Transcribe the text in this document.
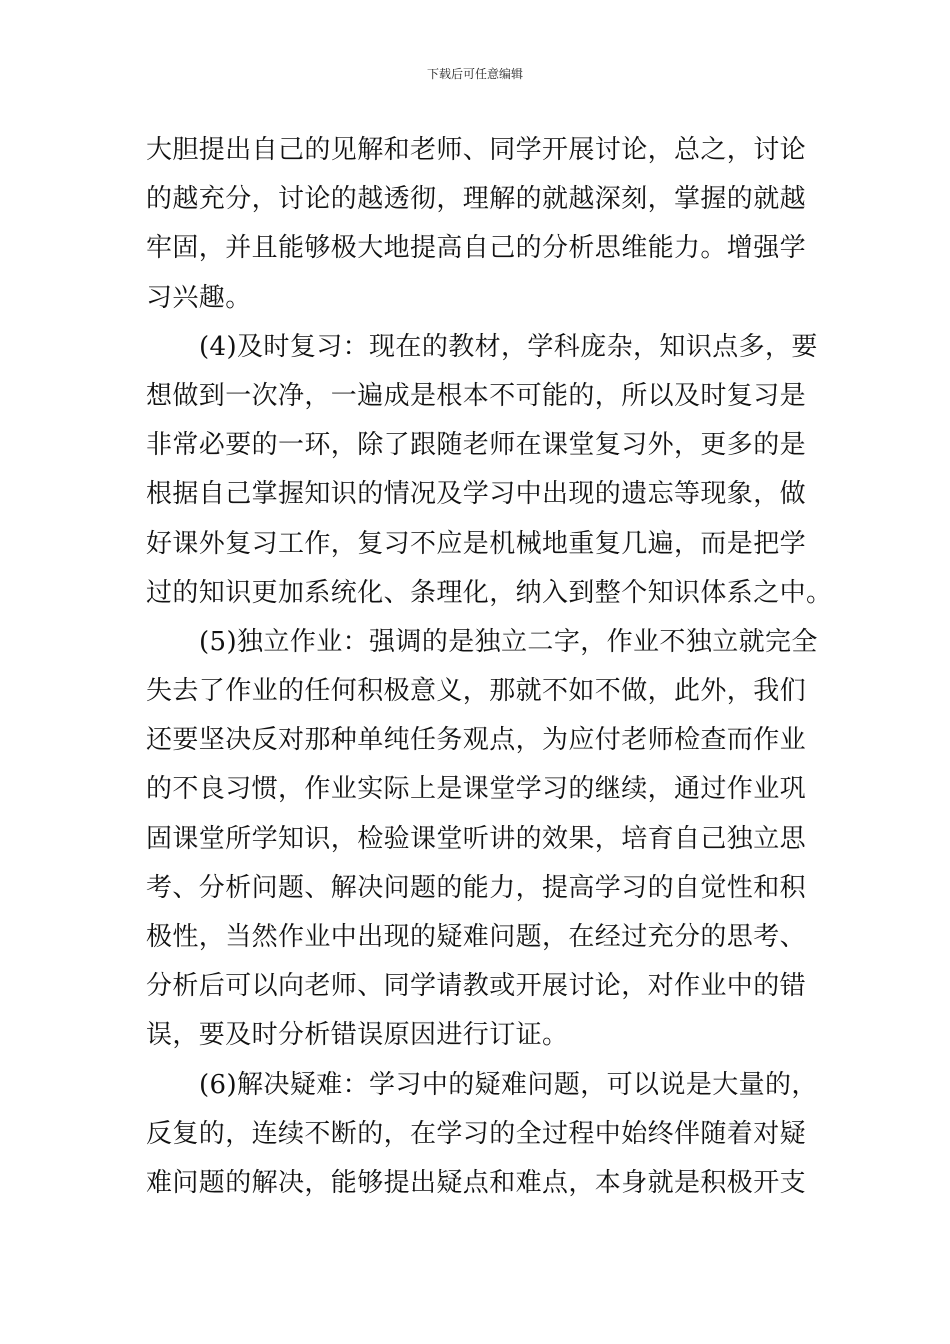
下载后可任意编辑
大胆提出自己的见解和老师、同学开展讨论，总之，讨论
的越充分，讨论的越透彻，理解的就越深刻，掌握的就越
牢固，并且能够极大地提高自己的分析思维能力。增强学
习兴趣。
(4)及时复习：现在的教材，学科庞杂，知识点多，要
想做到一次净，一遍成是根本不可能的，所以及时复习是
非常必要的一环，除了跟随老师在课堂复习外，更多的是
根据自己掌握知识的情况及学习中出现的遗忘等现象，做
好课外复习工作，复习不应是机械地重复几遍，而是把学
过的知识更加系统化、条理化，纳入到整个知识体系之中。
(5)独立作业：强调的是独立二字，作业不独立就完全
失去了作业的任何积极意义，那就不如不做，此外，我们
还要坚决反对那种单纯任务观点，为应付老师检查而作业
的不良习惯，作业实际上是课堂学习的继续，通过作业巩
固课堂所学知识，检验课堂听讲的效果，培育自己独立思
考、分析问题、解决问题的能力，提高学习的自觉性和积
极性，当然作业中出现的疑难问题，在经过充分的思考、
分析后可以向老师、同学请教或开展讨论，对作业中的错
误，要及时分析错误原因进行订证。
(6)解决疑难：学习中的疑难问题，可以说是大量的，
反复的，连续不断的，在学习的全过程中始终伴随着对疑
难问题的解决，能够提出疑点和难点，本身就是积极开支
